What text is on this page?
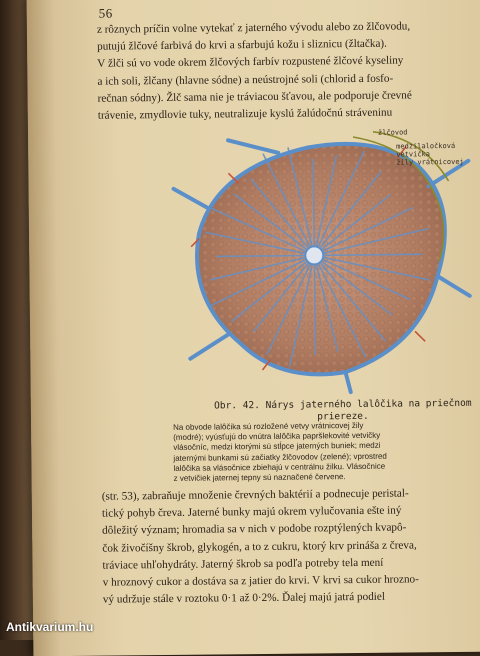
56
z rôznych príčin volne vytekať z jaterného vývodu alebo zo žlčovodu,
putujú žlčové farbivá do krvi a sfarbujú kožu i sliznicu (žltačka).
V žlči sú vo vode okrem žlčových farbív rozpustené žlčové kyseliny
a ich soli, žlčany (hlavne sódne) a neústrojné soli (chlorid a fosfo-
rečnan sódny). Žlč sama nie je tráviacou šťavou, ale podporuje črevné
trávenie, zmydlovie tuky, neutralizuje kyslú žalúdočnú stráveninu
žlčovod
medzilaločková
vetvička
žily vrátnicovej
Obr. 42. Nárys jaterného lalôčika na priečnom
priereze.
Na obvode lalôčika sú rozložené vetvy vrátnicovej žily
(modré); vyúsťujú do vnútra lalôčika papršlekovité vetvičky
vlásočníc, medzi ktorými sú stĺpce jaterných buniek; medzi
jaternými bunkami sú začiatky žlčovodov (zelené); vprostred
lalôčika sa vlásočnice zbiehajú v centrálnu žilku. Vlásočnice
z vetvičiek jaternej tepny sú naznačené červene.
(str. 53), zabraňuje množenie črevných baktérií a podnecuje peristal-
tický pohyb čreva. Jaterné bunky majú okrem vylučovania ešte iný
dôležitý význam; hromadia sa v nich v podobe rozptýlených kvapô-
čok živočíšny škrob, glykogén, a to z cukru, ktorý krv prináša z čreva,
tráviace uhľohydráty. Jaterný škrob sa podľa potreby tela mení
v hroznový cukor a dostáva sa z jatier do krvi. V krvi sa cukor hrozno-
vý udržuje stále v roztoku 0·1 až 0·2%. Ďalej majú jatrá podiel
Antikvarium.hu
